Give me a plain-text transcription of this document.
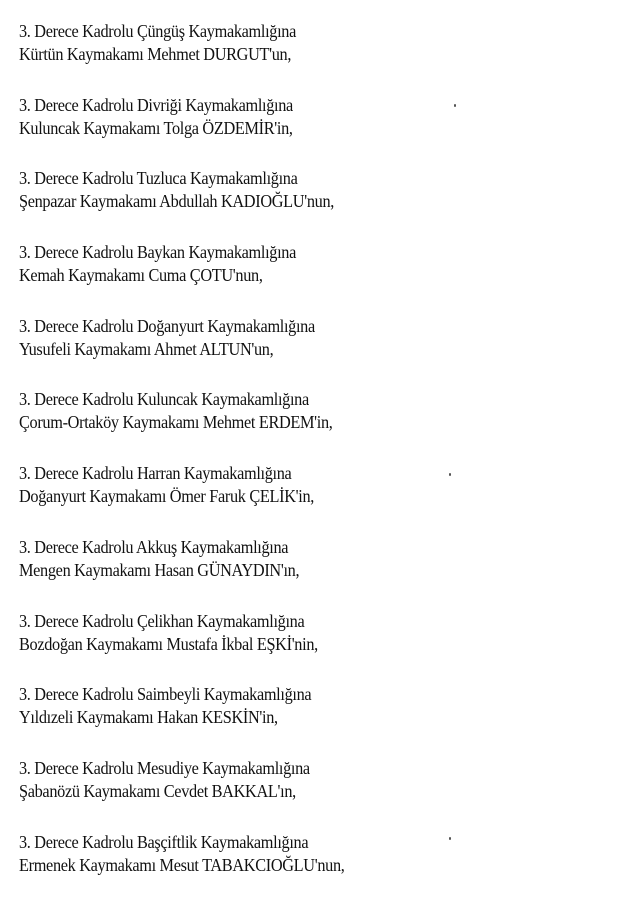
3. Derece Kadrolu Çüngüş Kaymakamlığına
Kürtün Kaymakamı Mehmet DURGUT'un,
3. Derece Kadrolu Divriği Kaymakamlığına
Kuluncak Kaymakamı Tolga ÖZDEMİR'in,
3. Derece Kadrolu Tuzluca Kaymakamlığına
Şenpazar Kaymakamı Abdullah KADIOĞLU'nun,
3. Derece Kadrolu Baykan Kaymakamlığına
Kemah Kaymakamı Cuma ÇOTU'nun,
3. Derece Kadrolu Doğanyurt Kaymakamlığına
Yusufeli Kaymakamı Ahmet ALTUN'un,
3. Derece Kadrolu Kuluncak Kaymakamlığına
Çorum-Ortaköy Kaymakamı Mehmet ERDEM'in,
3. Derece Kadrolu Harran Kaymakamlığına
Doğanyurt Kaymakamı Ömer Faruk ÇELİK'in,
3. Derece Kadrolu Akkuş Kaymakamlığına
Mengen Kaymakamı Hasan GÜNAYDIN'ın,
3. Derece Kadrolu Çelikhan Kaymakamlığına
Bozdoğan Kaymakamı Mustafa İkbal EŞKİ'nin,
3. Derece Kadrolu Saimbeyli Kaymakamlığına
Yıldızeli Kaymakamı Hakan KESKİN'in,
3. Derece Kadrolu Mesudiye Kaymakamlığına
Şabanözü Kaymakamı Cevdet BAKKAL'ın,
3. Derece Kadrolu Başçiftlik Kaymakamlığına
Ermenek Kaymakamı Mesut TABAKCIOĞLU'nun,
